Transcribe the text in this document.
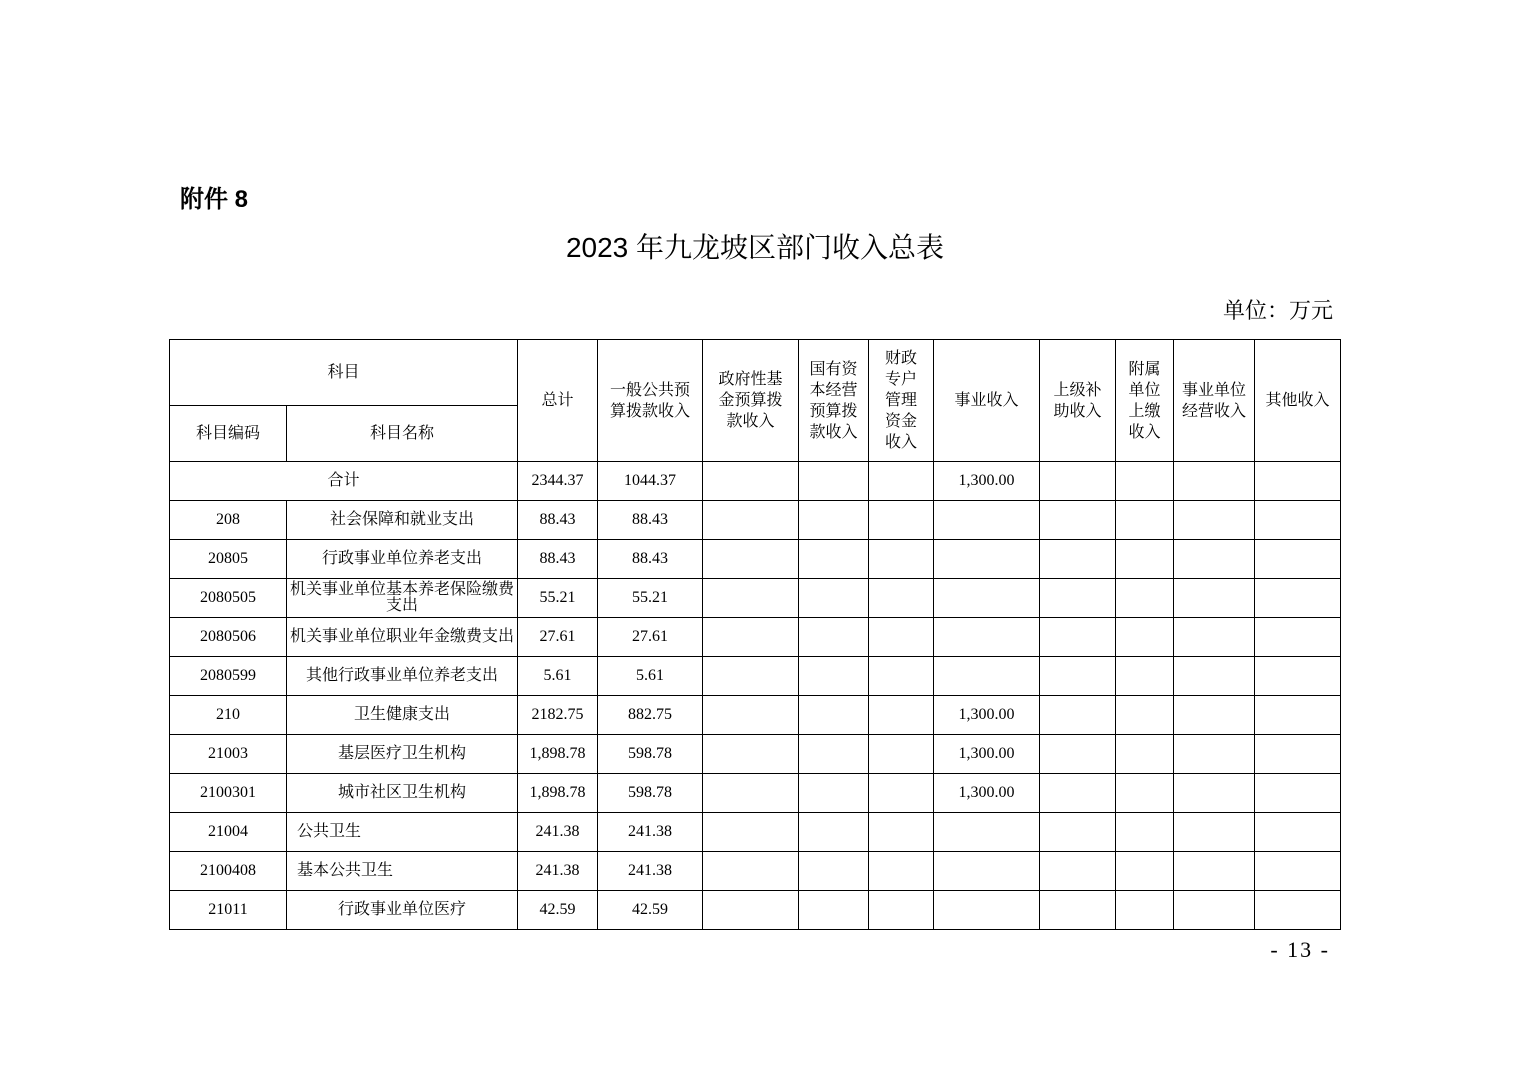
附件 8
2023 年九龙坡区部门收入总表
单位：万元
科目		总计	一般公共预算拨款收入	政府性基金预算拨款收入	国有资本经营预算拨款收入	财政专户管理资金收入	事业收入	上级补助收入	附属单位上缴收入	事业单位经营收入	其他收入
科目编码	科目名称										
合计		2344.37	1044.37				1,300.00				
208	社会保障和就业支出	88.43	88.43								
20805	行政事业单位养老支出	88.43	88.43								
2080505	机关事业单位基本养老保险缴费支出	55.21	55.21								
2080506	机关事业单位职业年金缴费支出	27.61	27.61								
2080599	其他行政事业单位养老支出	5.61	5.61								
210	卫生健康支出	2182.75	882.75				1,300.00				
21003	基层医疗卫生机构	1,898.78	598.78				1,300.00				
2100301	城市社区卫生机构	1,898.78	598.78				1,300.00				
21004	公共卫生	241.38	241.38								
2100408	基本公共卫生	241.38	241.38								
21011	行政事业单位医疗	42.59	42.59								
- 13 -
